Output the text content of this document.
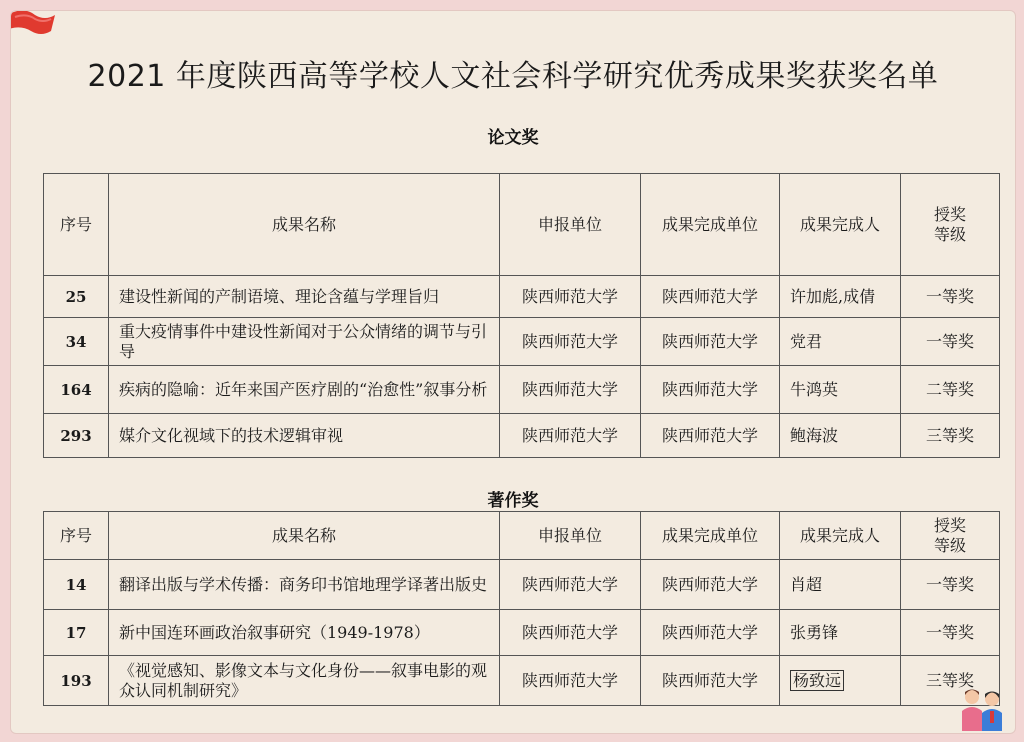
2021 年度陕西高等学校人文社会科学研究优秀成果奖获奖名单
论文奖
序号	成果名称	申报单位	成果完成单位	成果完成人	授奖
等级
25	建设性新闻的产制语境、理论含蕴与学理旨归	陕西师范大学	陕西师范大学	许加彪,成倩	一等奖
34	重大疫情事件中建设性新闻对于公众情绪的调节与引导	陕西师范大学	陕西师范大学	党君	一等奖
164	疾病的隐喻：近年来国产医疗剧的“治愈性”叙事分析	陕西师范大学	陕西师范大学	牛鸿英	二等奖
293	媒介文化视域下的技术逻辑审视	陕西师范大学	陕西师范大学	鲍海波	三等奖
著作奖
序号	成果名称	申报单位	成果完成单位	成果完成人	授奖
等级
14	翻译出版与学术传播：商务印书馆地理学译著出版史	陕西师范大学	陕西师范大学	肖超	一等奖
17	新中国连环画政治叙事研究（1949-1978）	陕西师范大学	陕西师范大学	张勇锋	一等奖
193	《视觉感知、影像文本与文化身份——叙事电影的观众认同机制研究》	陕西师范大学	陕西师范大学	杨致远	三等奖
